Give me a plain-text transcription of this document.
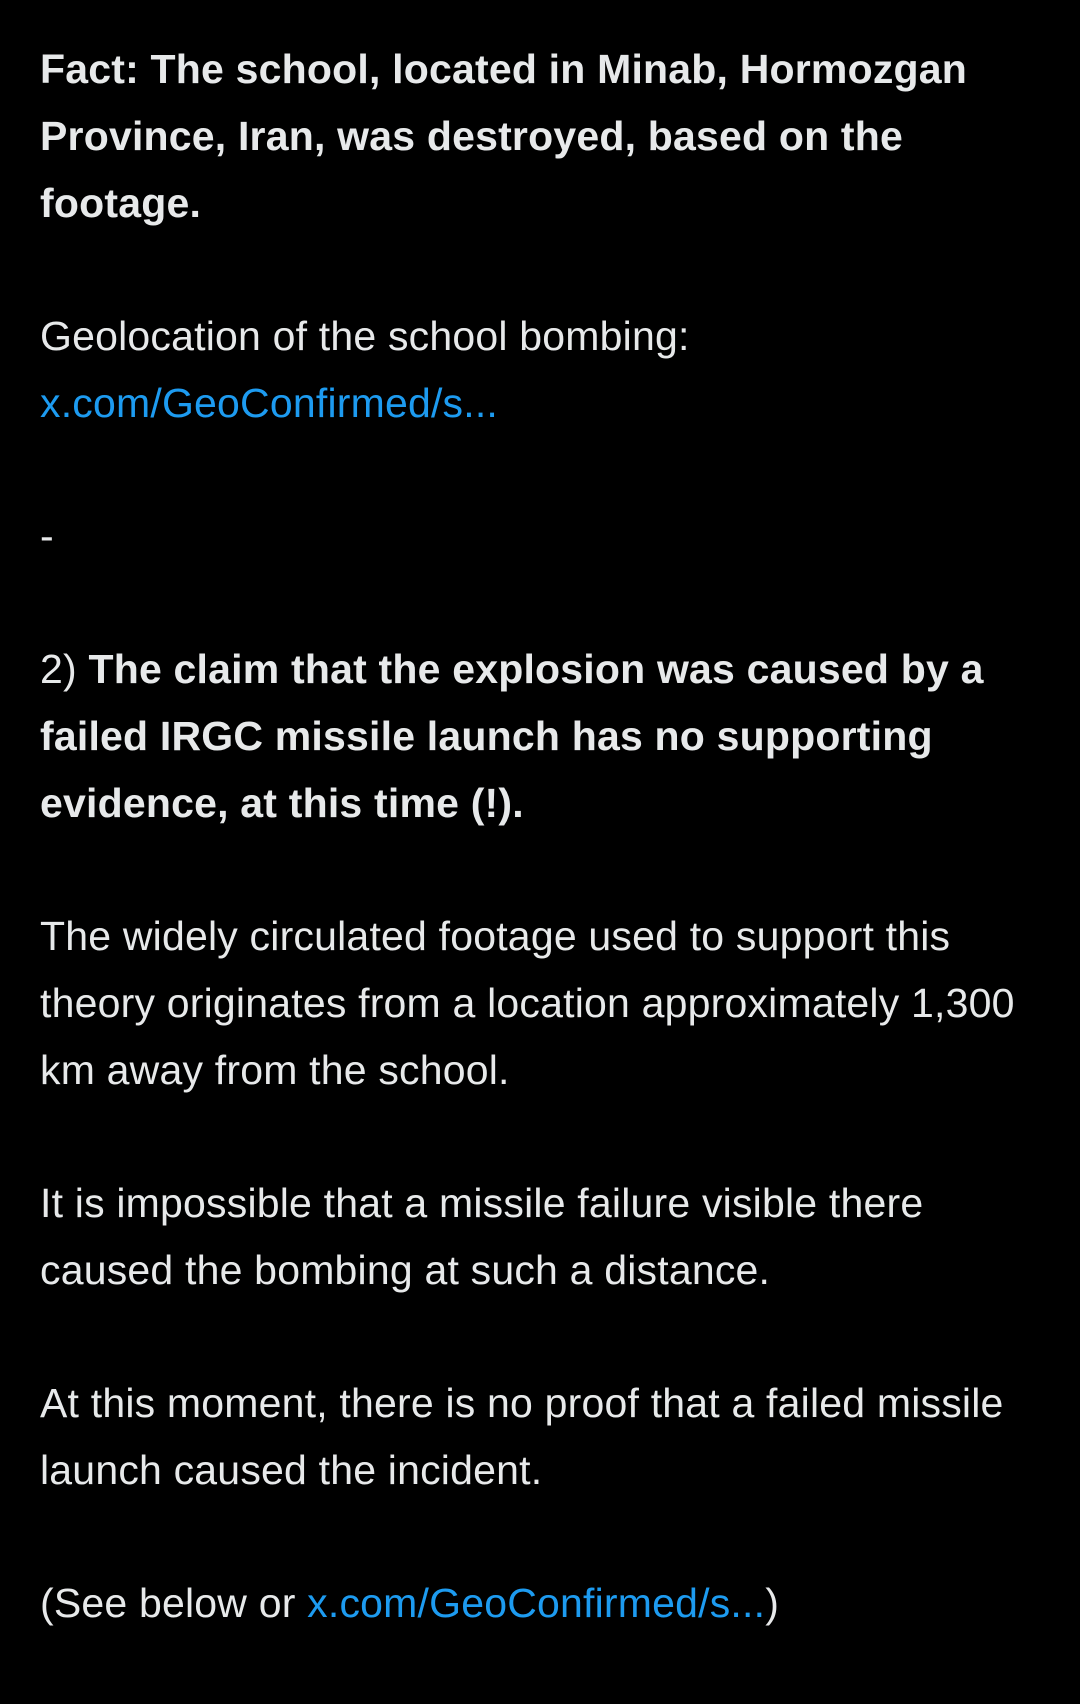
Fact: The school, located in Minab, Hormozgan Province, Iran, was destroyed, based on the footage.

Geolocation of the school bombing:
x.com/GeoConfirmed/s...

-

2) The claim that the explosion was caused by a failed IRGC missile launch has no supporting evidence, at this time (!).

The widely circulated footage used to support this theory originates from a location approximately 1,300 km away from the school.

It is impossible that a missile failure visible there caused the bombing at such a distance.

At this moment, there is no proof that a failed missile launch caused the incident.

(See below or x.com/GeoConfirmed/s...)
